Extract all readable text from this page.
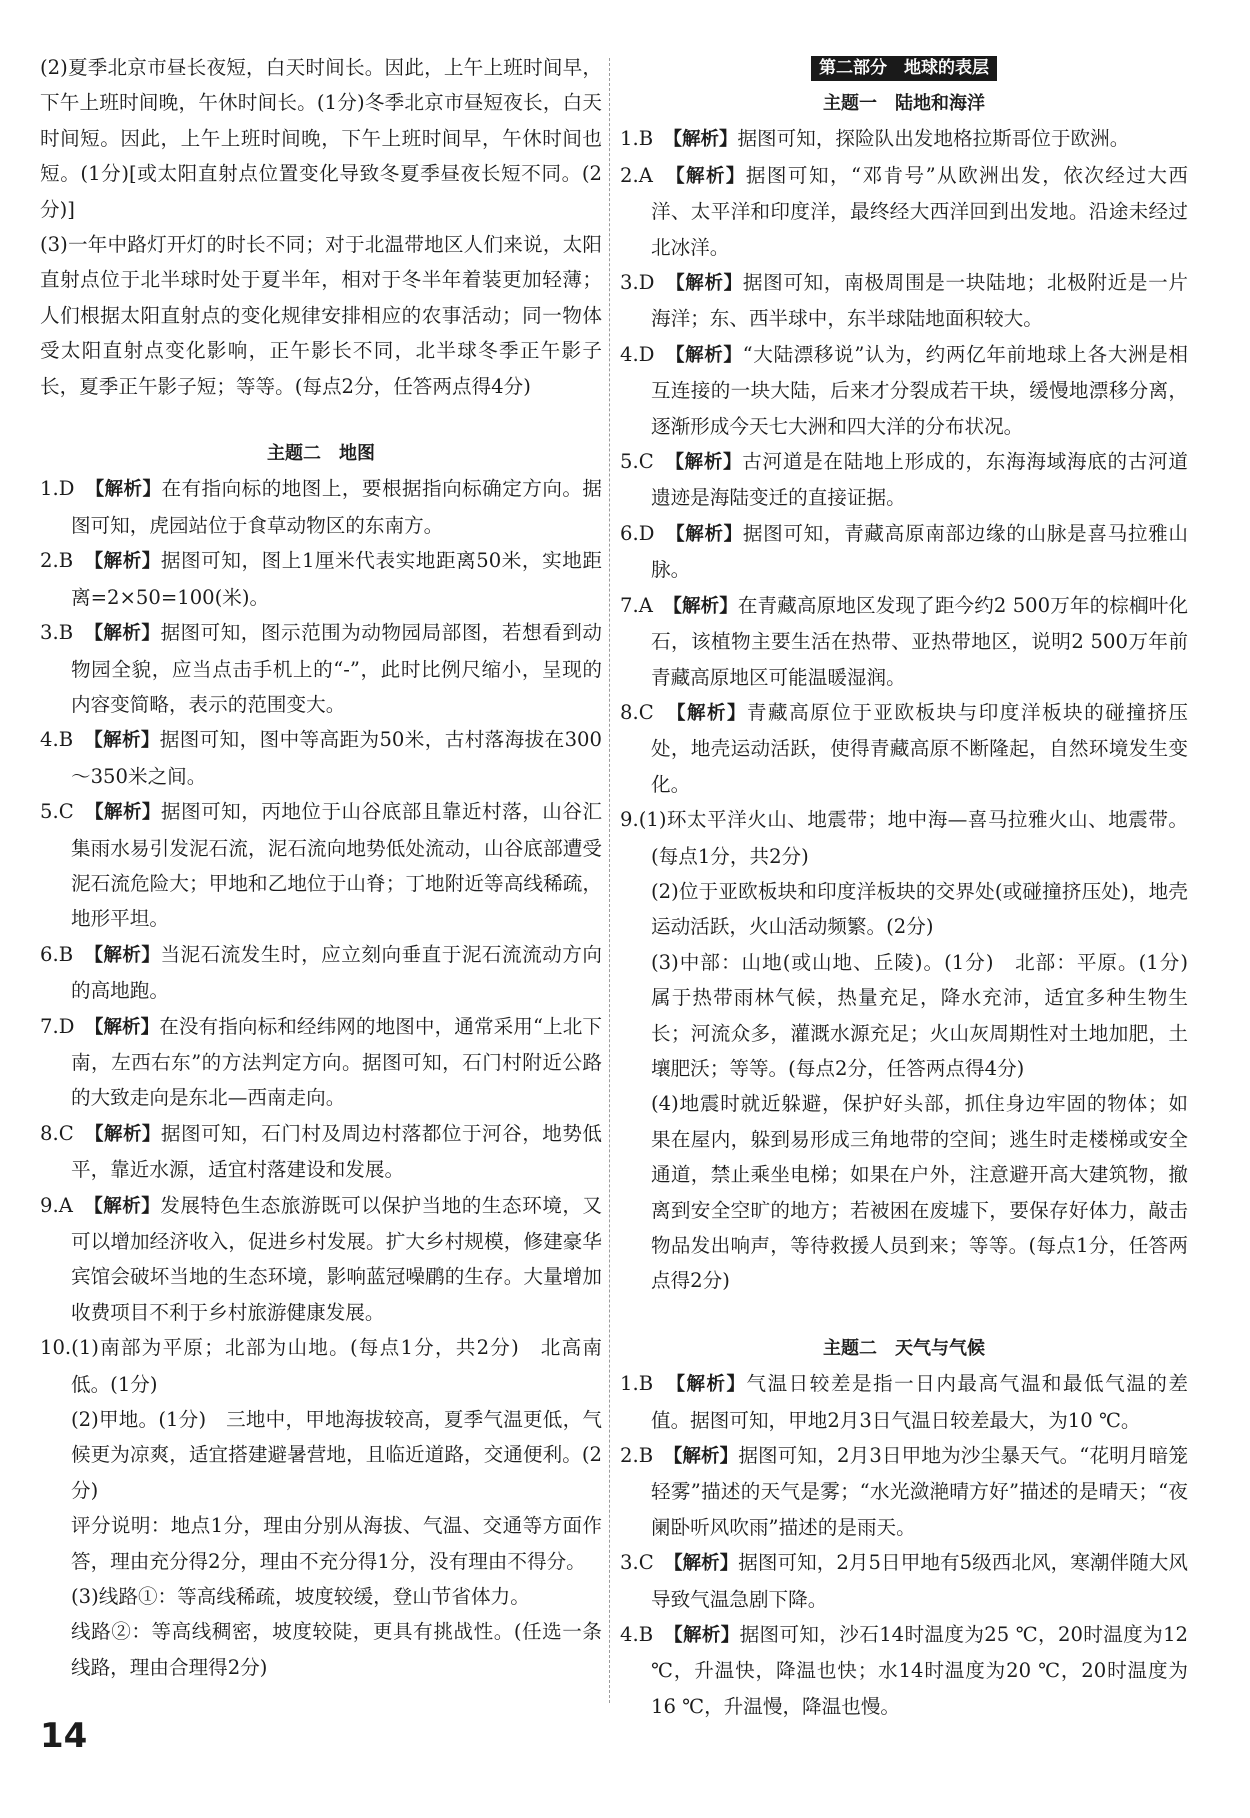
(2)夏季北京市昼长夜短，白天时间长。因此，上午上班时间早，下午上班时间晚，午休时间长。(1分)冬季北京市昼短夜长，白天时间短。因此，上午上班时间晚，下午上班时间早，午休时间也短。(1分)[或太阳直射点位置变化导致冬夏季昼夜长短不同。(2分)]

(3)一年中路灯开灯的时长不同；对于北温带地区人们来说，太阳直射点位于北半球时处于夏半年，相对于冬半年着装更加轻薄；人们根据太阳直射点的变化规律安排相应的农事活动；同一物体受太阳直射点变化影响，正午影长不同，北半球冬季正午影子长，夏季正午影子短；等等。(每点2分，任答两点得4分)

主题二　地图

1.D　 【解析】在有指向标的地图上，要根据指向标确定方向。据图可知，虎园站位于食草动物区的东南方。

2.B　 【解析】据图可知，图上1厘米代表实地距离50米，实地距离=2×50=100(米)。

3.B　 【解析】据图可知，图示范围为动物园局部图，若想看到动物园全貌，应当点击手机上的“-”，此时比例尺缩小，呈现的内容变简略，表示的范围变大。

4.B　 【解析】据图可知，图中等高距为50米，古村落海拔在300～350米之间。

5.C　 【解析】据图可知，丙地位于山谷底部且靠近村落，山谷汇集雨水易引发泥石流，泥石流向地势低处流动，山谷底部遭受泥石流危险大；甲地和乙地位于山脊；丁地附近等高线稀疏，地形平坦。

6.B　 【解析】当泥石流发生时，应立刻向垂直于泥石流流动方向的高地跑。

7.D　 【解析】在没有指向标和经纬网的地图中，通常采用“上北下南，左西右东”的方法判定方向。据图可知，石门村附近公路的大致走向是东北—西南走向。

8.C　 【解析】据图可知，石门村及周边村落都位于河谷，地势低平，靠近水源，适宜村落建设和发展。

9.A　 【解析】发展特色生态旅游既可以保护当地的生态环境，又可以增加经济收入，促进乡村发展。扩大乡村规模，修建豪华宾馆会破坏当地的生态环境，影响蓝冠噪鹛的生存。大量增加收费项目不利于乡村旅游健康发展。

10.(1)南部为平原；北部为山地。(每点1分，共2分)　北高南低。(1分)

(2)甲地。(1分)　三地中，甲地海拔较高，夏季气温更低，气候更为凉爽，适宜搭建避暑营地，且临近道路，交通便利。(2分)

评分说明：地点1分，理由分别从海拔、气温、交通等方面作答，理由充分得2分，理由不充分得1分，没有理由不得分。

(3)线路①：等高线稀疏，坡度较缓，登山节省体力。

线路②：等高线稠密，坡度较陡，更具有挑战性。(任选一条线路，理由合理得2分)

第二部分　地球的表层

主题一　陆地和海洋

1.B　 【解析】据图可知，探险队出发地格拉斯哥位于欧洲。

2.A　 【解析】据图可知，“邓肯号”从欧洲出发，依次经过大西洋、太平洋和印度洋，最终经大西洋回到出发地。沿途未经过北冰洋。

3.D　 【解析】据图可知，南极周围是一块陆地；北极附近是一片海洋；东、西半球中，东半球陆地面积较大。

4.D　 【解析】“大陆漂移说”认为，约两亿年前地球上各大洲是相互连接的一块大陆，后来才分裂成若干块，缓慢地漂移分离，逐渐形成今天七大洲和四大洋的分布状况。

5.C　 【解析】古河道是在陆地上形成的，东海海域海底的古河道遗迹是海陆变迁的直接证据。

6.D　 【解析】据图可知，青藏高原南部边缘的山脉是喜马拉雅山脉。

7.A　 【解析】在青藏高原地区发现了距今约2 500万年的棕榈叶化石，该植物主要生活在热带、亚热带地区，说明2 500万年前青藏高原地区可能温暖湿润。

8.C　 【解析】青藏高原位于亚欧板块与印度洋板块的碰撞挤压处，地壳运动活跃，使得青藏高原不断隆起，自然环境发生变化。

9.(1)环太平洋火山、地震带；地中海—喜马拉雅火山、地震带。(每点1分，共2分)

(2)位于亚欧板块和印度洋板块的交界处(或碰撞挤压处)，地壳运动活跃，火山活动频繁。(2分)

(3)中部：山地(或山地、丘陵)。(1分)　北部：平原。(1分)　属于热带雨林气候，热量充足，降水充沛，适宜多种生物生长；河流众多，灌溉水源充足；火山灰周期性对土地加肥，土壤肥沃；等等。(每点2分，任答两点得4分)

(4)地震时就近躲避，保护好头部，抓住身边牢固的物体；如果在屋内，躲到易形成三角地带的空间；逃生时走楼梯或安全通道，禁止乘坐电梯；如果在户外，注意避开高大建筑物，撤离到安全空旷的地方；若被困在废墟下，要保存好体力，敲击物品发出响声，等待救援人员到来；等等。(每点1分，任答两点得2分)

主题二　天气与气候

1.B　 【解析】气温日较差是指一日内最高气温和最低气温的差值。据图可知，甲地2月3日气温日较差最大，为10 ℃。

2.B　 【解析】据图可知，2月3日甲地为沙尘暴天气。“花明月暗笼轻雾”描述的天气是雾；“水光潋滟晴方好”描述的是晴天；“夜阑卧听风吹雨”描述的是雨天。

3.C　 【解析】据图可知，2月5日甲地有5级西北风，寒潮伴随大风导致气温急剧下降。

4.B　 【解析】据图可知，沙石14时温度为25 ℃，20时温度为12 ℃，升温快，降温也快；水14时温度为20 ℃，20时温度为16 ℃，升温慢，降温也慢。

14
